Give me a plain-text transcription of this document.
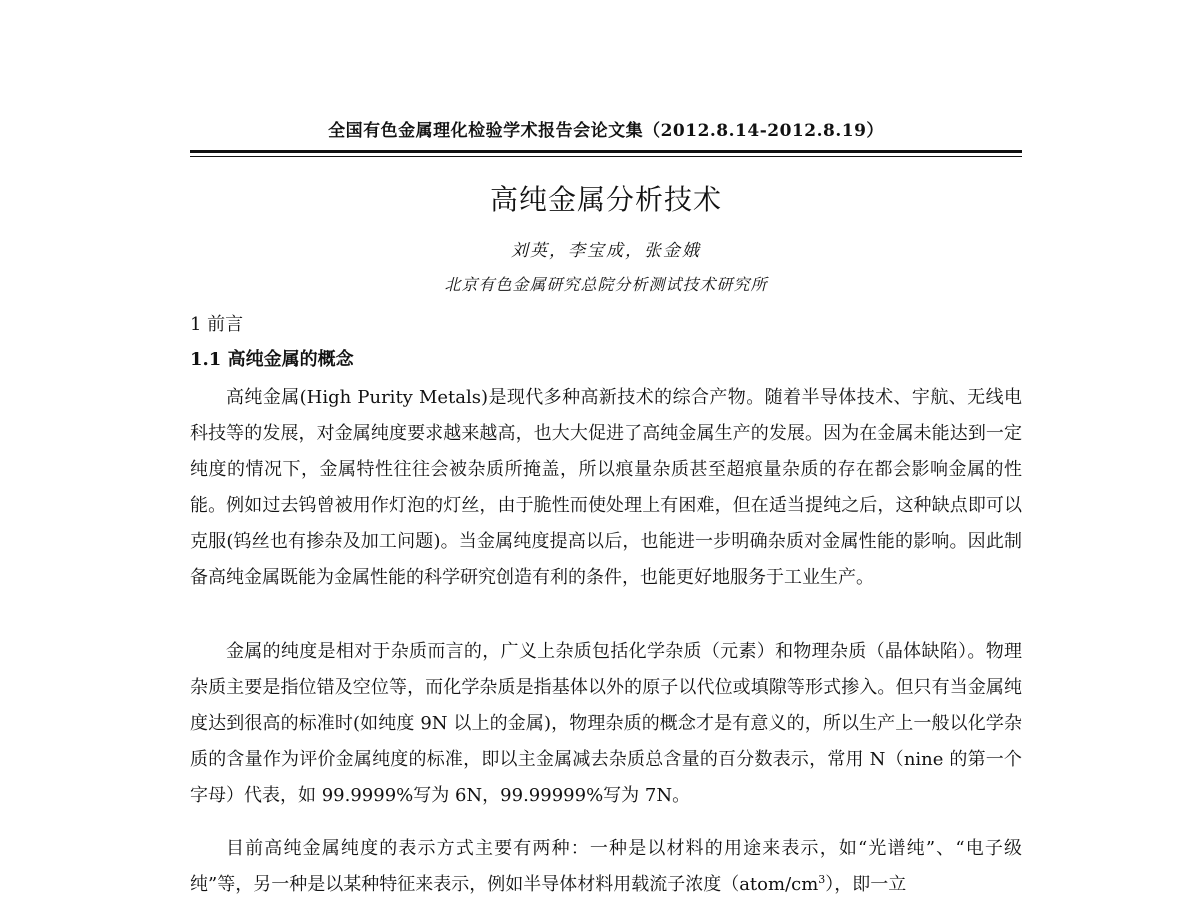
全国有色金属理化检验学术报告会论文集（2012.8.14-2012.8.19）
高纯金属分析技术
刘英，李宝成，张金娥
北京有色金属研究总院分析测试技术研究所
1 前言
1.1 高纯金属的概念

高纯金属(High Purity Metals)是现代多种高新技术的综合产物。随着半导体技术、宇航、无线电科技等的发展，对金属纯度要求越来越高，也大大促进了高纯金属生产的发展。因为在金属未能达到一定纯度的情况下，金属特性往往会被杂质所掩盖，所以痕量杂质甚至超痕量杂质的存在都会影响金属的性能。例如过去钨曾被用作灯泡的灯丝，由于脆性而使处理上有困难，但在适当提纯之后，这种缺点即可以克服(钨丝也有掺杂及加工问题)。当金属纯度提高以后，也能进一步明确杂质对金属性能的影响。因此制备高纯金属既能为金属性能的科学研究创造有利的条件，也能更好地服务于工业生产。

金属的纯度是相对于杂质而言的，广义上杂质包括化学杂质（元素）和物理杂质（晶体缺陷）。物理杂质主要是指位错及空位等，而化学杂质是指基体以外的原子以代位或填隙等形式掺入。但只有当金属纯度达到很高的标准时(如纯度 9N 以上的金属)，物理杂质的概念才是有意义的，所以生产上一般以化学杂质的含量作为评价金属纯度的标准，即以主金属减去杂质总含量的百分数表示，常用 N（nine 的第一个字母）代表，如 99.9999%写为 6N，99.99999%写为 7N。

目前高纯金属纯度的表示方式主要有两种：一种是以材料的用途来表示，如“光谱纯”、“电子级纯”等，另一种是以某种特征来表示，例如半导体材料用载流子浓度$(atom/cm^3)$，即一立
